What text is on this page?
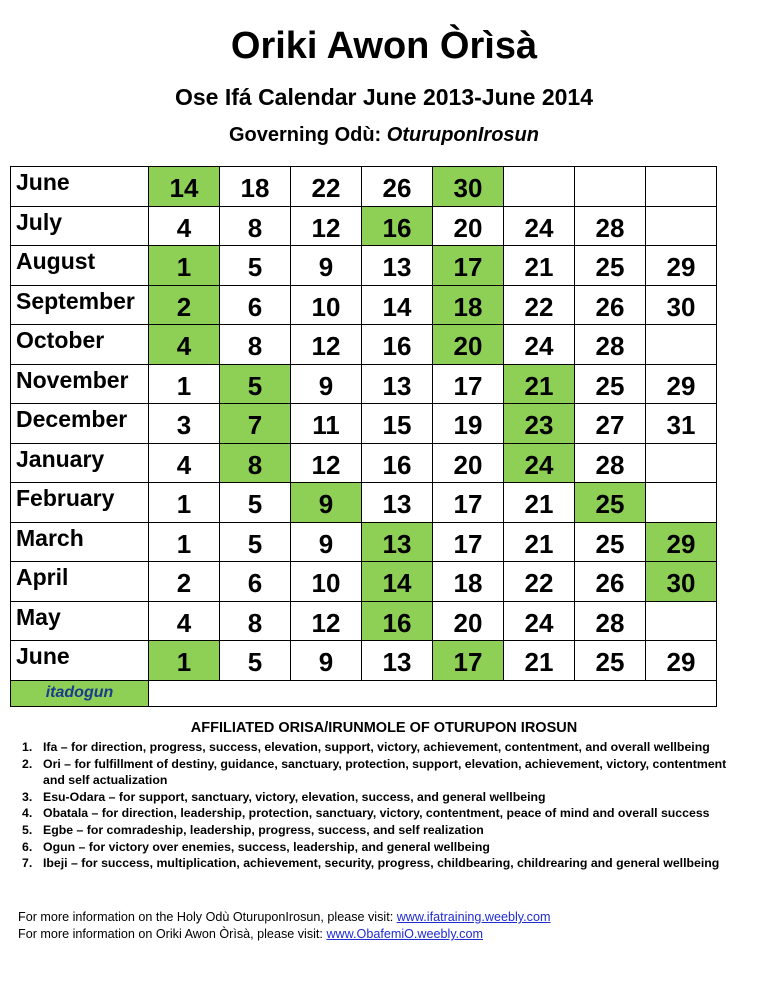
Oriki Awon Òrìsà
Ose Ifá Calendar June 2013-June 2014
Governing Odù: OturuponIrosun
June	14	18	22	26	30			
July	4	8	12	16	20	24	28	
August	1	5	9	13	17	21	25	29
September	2	6	10	14	18	22	26	30
October	4	8	12	16	20	24	28	
November	1	5	9	13	17	21	25	29
December	3	7	11	15	19	23	27	31
January	4	8	12	16	20	24	28	
February	1	5	9	13	17	21	25	
March	1	5	9	13	17	21	25	29
April	2	6	10	14	18	22	26	30
May	4	8	12	16	20	24	28	
June	1	5	9	13	17	21	25	29
itadogun								
AFFILIATED ORISA/IRUNMOLE OF OTURUPON IROSUN
1. Ifa – for direction, progress, success, elevation, support, victory, achievement, contentment, and overall wellbeing
2. Ori – for fulfillment of destiny, guidance, sanctuary, protection, support, elevation, achievement, victory, contentment and self actualization
3. Esu-Odara – for support, sanctuary, victory, elevation, success, and general wellbeing
4. Obatala – for direction, leadership, protection, sanctuary, victory, contentment, peace of mind and overall success
5. Egbe – for comradeship, leadership, progress, success, and self realization
6. Ogun – for victory over enemies, success, leadership, and general wellbeing
7. Ibeji – for success, multiplication, achievement, security, progress, childbearing, childrearing and general wellbeing
For more information on the Holy Odù OturuponIrosun, please visit: www.ifatraining.weebly.com
For more information on Oriki Awon Òrìsà, please visit: www.ObafemiO.weebly.com
